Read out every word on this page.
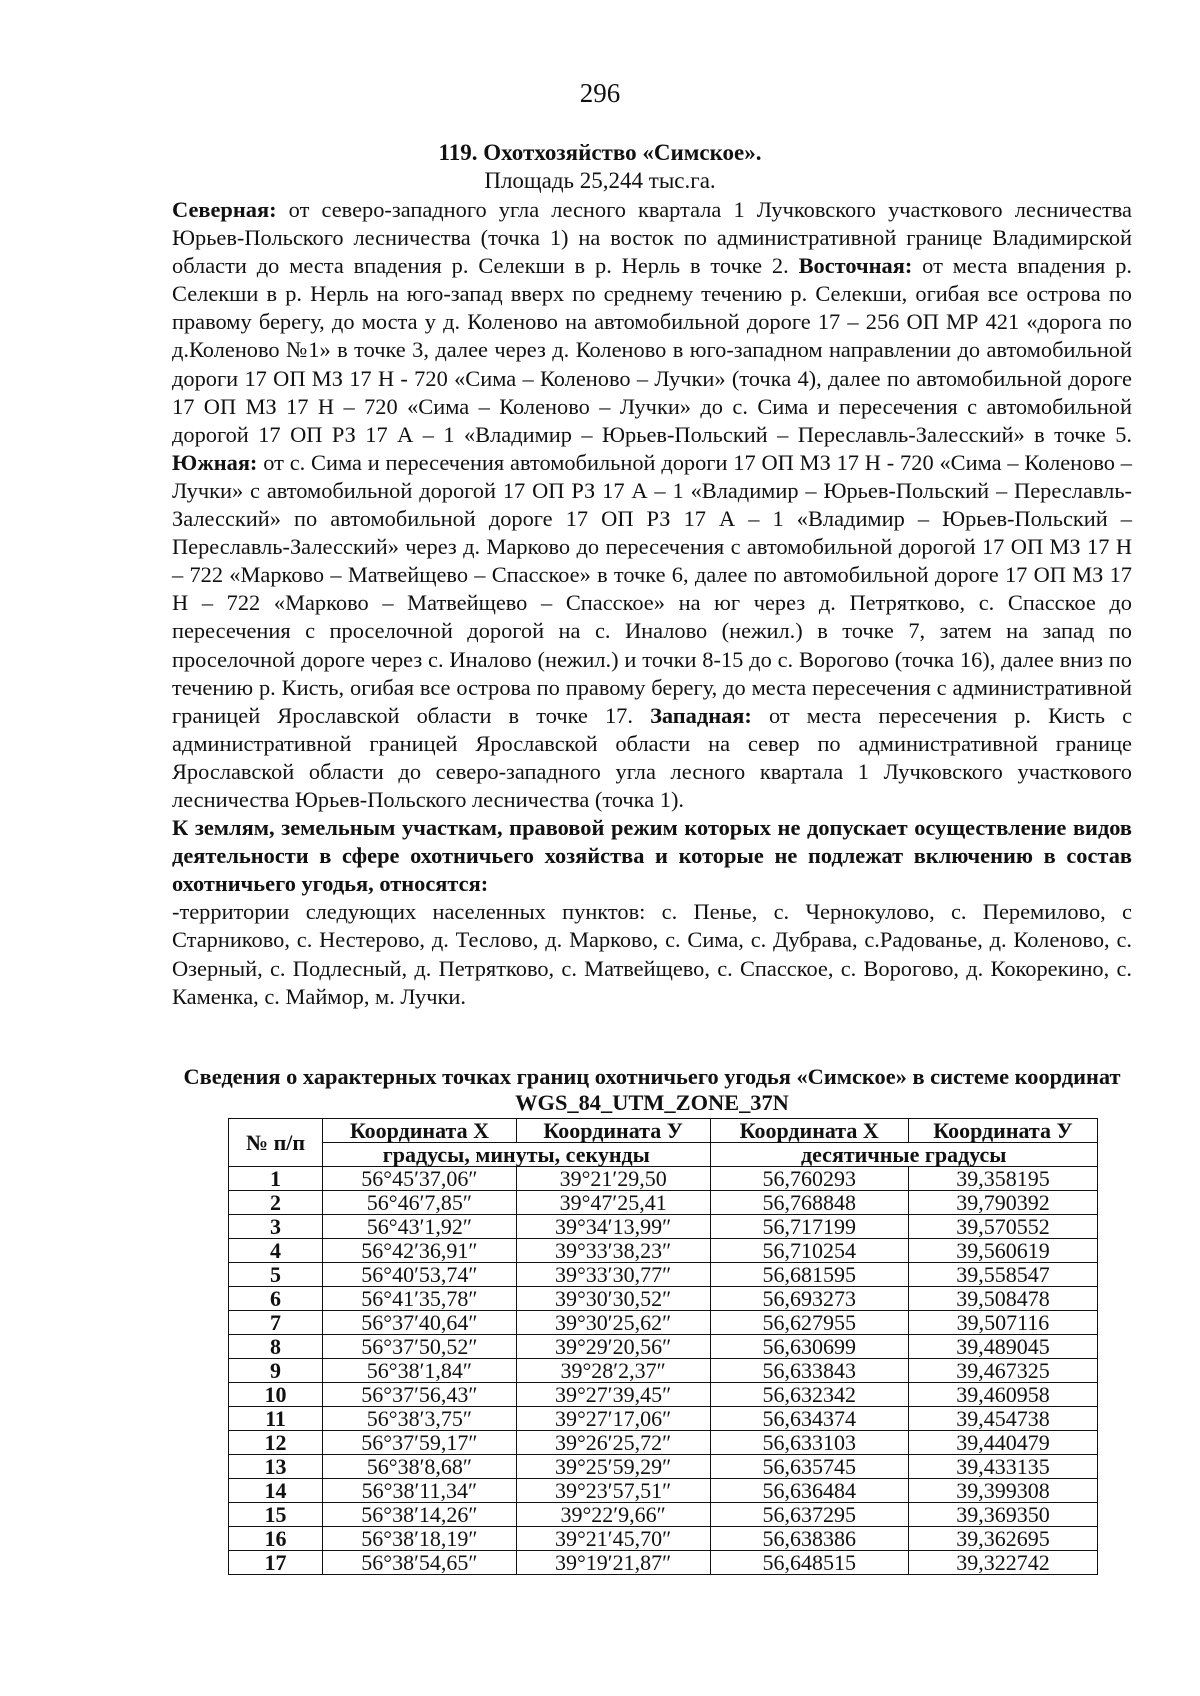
296
119. Охотхозяйство «Симское».
Площадь 25,244 тыс.га.

Северная: от северо-западного угла лесного квартала 1 Лучковского участкового лесничества Юрьев-Польского лесничества (точка 1) на восток по административной границе Владимирской области до места впадения р. Селекши в р. Нерль в точке 2. Восточная: от места впадения р. Селекши в р. Нерль на юго-запад вверх по среднему течению р. Селекши, огибая все острова по правому берегу, до моста у д. Коленово на автомобильной дороге 17 – 256 ОП МР 421 «дорога по д.Коленово №1» в точке 3, далее через д. Коленово в юго-западном направлении до автомобильной дороги 17 ОП МЗ 17 Н - 720 «Сима – Коленово – Лучки» (точка 4), далее по автомобильной дороге 17 ОП МЗ 17 Н – 720 «Сима – Коленово – Лучки» до с. Сима и пересечения с автомобильной дорогой 17 ОП РЗ 17 А – 1 «Владимир – Юрьев-Польский – Переславль-Залесский» в точке 5. Южная: от с. Сима и пересечения автомобильной дороги 17 ОП МЗ 17 Н - 720 «Сима – Коленово – Лучки» с автомобильной дорогой 17 ОП РЗ 17 А – 1 «Владимир – Юрьев-Польский – Переславль-Залесский» по автомобильной дороге 17 ОП РЗ 17 А – 1 «Владимир – Юрьев-Польский – Переславль-Залесский» через д. Марково до пересечения с автомобильной дорогой 17 ОП МЗ 17 Н – 722 «Марково – Матвейщево – Спасское» в точке 6, далее по автомобильной дороге 17 ОП МЗ 17 Н – 722 «Марково – Матвейщево – Спасское» на юг через д. Петрятково, с. Спасское до пересечения с проселочной дорогой на с. Иналово (нежил.) в точке 7, затем на запад по проселочной дороге через с. Иналово (нежил.) и точки 8-15 до с. Ворогово (точка 16), далее вниз по течению р. Кисть, огибая все острова по правому берегу, до места пересечения с административной границей Ярославской области в точке 17. Западная: от места пересечения р. Кисть с административной границей Ярославской области на север по административной границе Ярославской области до северо-западного угла лесного квартала 1 Лучковского участкового лесничества Юрьев-Польского лесничества (точка 1).

К землям, земельным участкам, правовой режим которых не допускает осуществление видов деятельности в сфере охотничьего хозяйства и которые не подлежат включению в состав охотничьего угодья, относятся:

-территории следующих населенных пунктов: с. Пенье, с. Чернокулово, с. Перемилово, с Старниково, с. Нестерово, д. Теслово, д. Марково, с. Сима, с. Дубрава, с.Радованье, д. Коленово, с. Озерный, с. Подлесный, д. Петрятково, с. Матвейщево, с. Спасское, с. Ворогово, д. Кокорекино, с. Каменка, с. Маймор, м. Лучки.

Сведения о характерных точках границ охотничьего угодья «Симское» в системе координат WGS_84_UTM_ZONE_37N
№ п/п	Координата X	Координата У	Координата X	Координата У
	градусы, минуты, секунды		десятичные градусы	
1	56°45′37,06″	39°21′29,50	56,760293	39,358195
2	56°46′7,85″	39°47′25,41	56,768848	39,790392
3	56°43′1,92″	39°34′13,99″	56,717199	39,570552
4	56°42′36,91″	39°33′38,23″	56,710254	39,560619
5	56°40′53,74″	39°33′30,77″	56,681595	39,558547
6	56°41′35,78″	39°30′30,52″	56,693273	39,508478
7	56°37′40,64″	39°30′25,62″	56,627955	39,507116
8	56°37′50,52″	39°29′20,56″	56,630699	39,489045
9	56°38′1,84″	39°28′2,37″	56,633843	39,467325
10	56°37′56,43″	39°27′39,45″	56,632342	39,460958
11	56°38′3,75″	39°27′17,06″	56,634374	39,454738
12	56°37′59,17″	39°26′25,72″	56,633103	39,440479
13	56°38′8,68″	39°25′59,29″	56,635745	39,433135
14	56°38′11,34″	39°23′57,51″	56,636484	39,399308
15	56°38′14,26″	39°22′9,66″	56,637295	39,369350
16	56°38′18,19″	39°21′45,70″	56,638386	39,362695
17	56°38′54,65″	39°19′21,87″	56,648515	39,322742
